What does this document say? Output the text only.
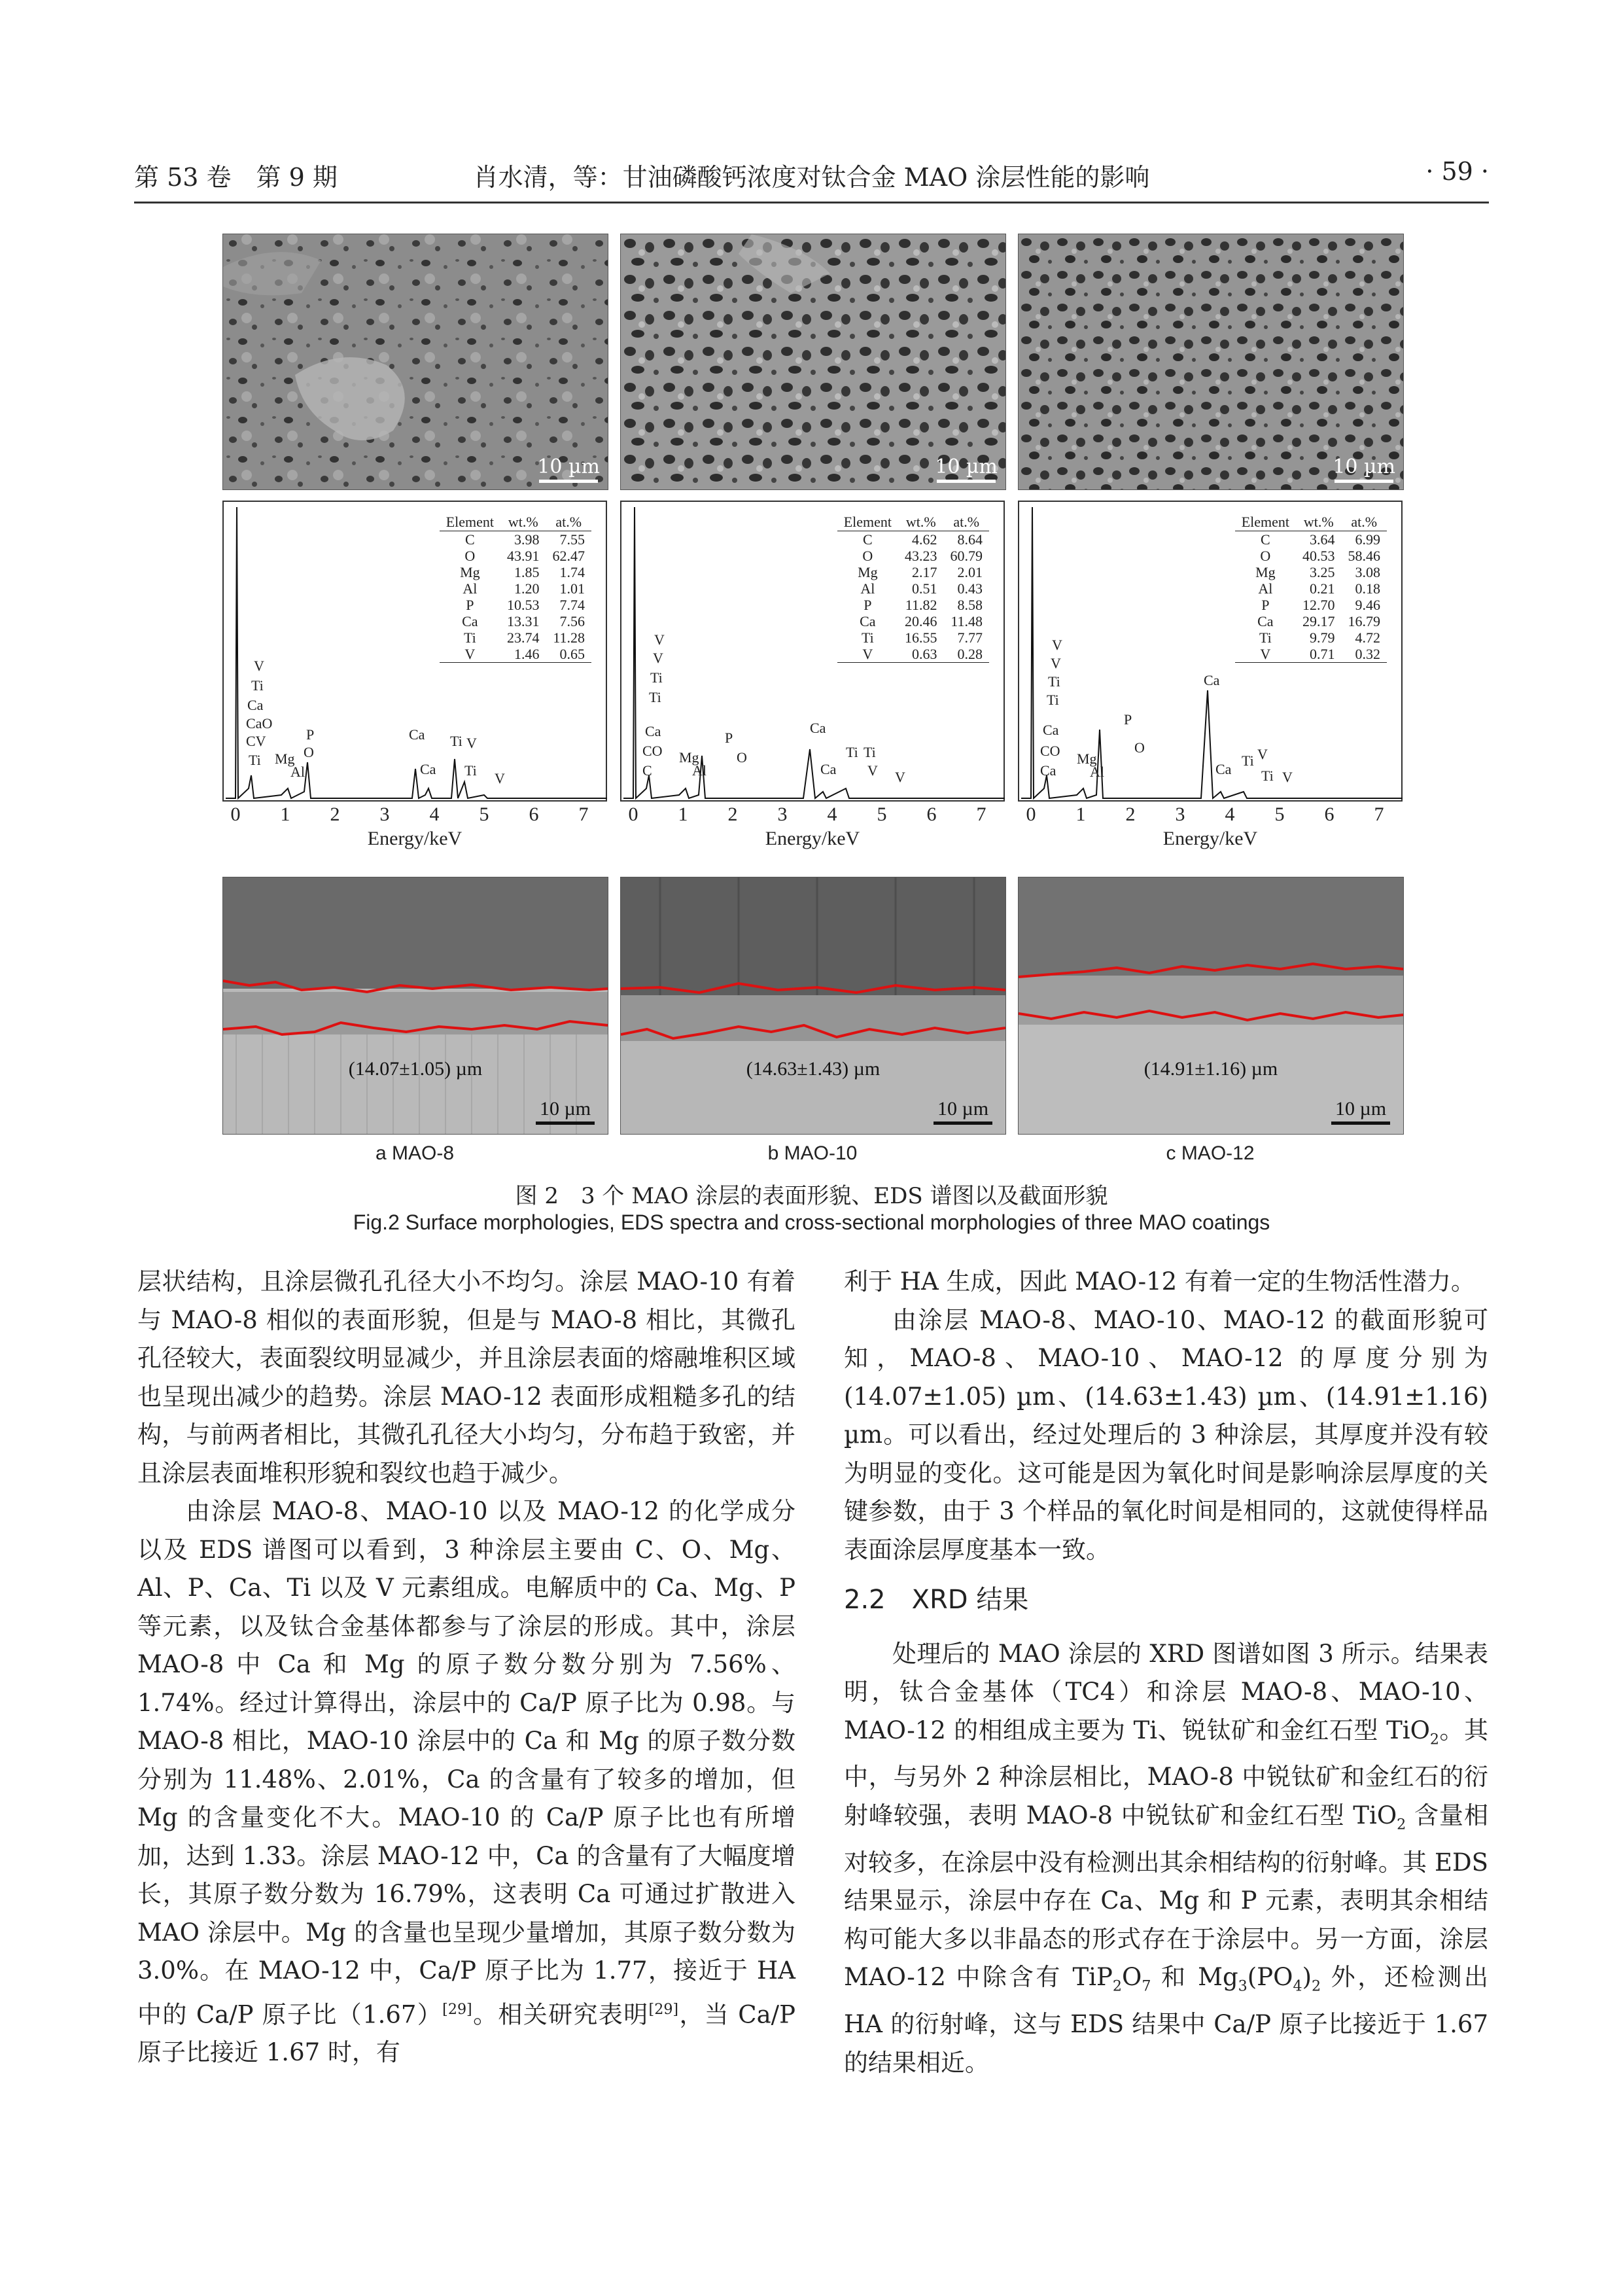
第 53 卷　第 9 期	肖水清，等：甘油磷酸钙浓度对钛合金 MAO 涂层性能的影响	· 59 ·
10 µm	10 µm	10 µm
Element	wt.%	at.%
C	3.98	7.55
O	43.91	62.47
Mg	1.85	1.74
Al	1.20	1.01
P	10.53	7.74
Ca	13.31	7.56
Ti	23.74	11.28
V	1.46	0.65
V
Ti
Ca
CaO
CV
Ti Mg
Al
P
O
Ca
Ca
Ti V
Ti V
Element	wt.%	at.%
C	4.62	8.64
O	43.23	60.79
Mg	2.17	2.01
Al	0.51	0.43
P	11.82	8.58
Ca	20.46	11.48
Ti	16.55	7.77
V	0.63	0.28
V
V
Ti
Ti
Ca
CO
C
Mg
Al
P
O
Ca
Ca
Ti Ti
V V
Element	wt.%	at.%
C	3.64	6.99
O	40.53	58.46
Mg	3.25	3.08
Al	0.21	0.18
P	12.70	9.46
Ca	29.17	16.79
Ti	9.79	4.72
V	0.71	0.32
V
V
Ti
Ti
Ca
CO
Ca
Mg
Al
P
O
Ca
Ca
Ti V
Ti V
0 1 2 3 4 5 6 7
Energy/keV
0 1 2 3 4 5 6 7
Energy/keV
0 1 2 3 4 5 6 7
Energy/keV
(14.07±1.05) µm
10 µm
(14.63±1.43) µm
10 µm
(14.91±1.16) µm
10 µm
a MAO-8	b MAO-10	c MAO-12
图 2　3 个 MAO 涂层的表面形貌、EDS 谱图以及截面形貌
Fig.2 Surface morphologies, EDS spectra and cross-sectional morphologies of three MAO coatings

层状结构，且涂层微孔孔径大小不均匀。涂层 MAO-10 有着与 MAO-8 相似的表面形貌，但是与 MAO-8 相比，其微孔孔径较大，表面裂纹明显减少，并且涂层表面的熔融堆积区域也呈现出减少的趋势。涂层 MAO-12 表面形成粗糙多孔的结构，与前两者相比，其微孔孔径大小均匀，分布趋于致密，并且涂层表面堆积形貌和裂纹也趋于减少。

由涂层 MAO-8、MAO-10 以及 MAO-12 的化学成分以及 EDS 谱图可以看到，3 种涂层主要由 C、O、Mg、Al、P、Ca、Ti 以及 V 元素组成。电解质中的 Ca、Mg、P 等元素，以及钛合金基体都参与了涂层的形成。其中，涂层 MAO-8 中 Ca 和 Mg 的原子数分数分别为 7.56%、1.74%。经过计算得出，涂层中的 Ca/P 原子比为 0.98。与 MAO-8 相比，MAO-10 涂层中的 Ca 和 Mg 的原子数分数分别为 11.48%、2.01%，Ca 的含量有了较多的增加，但 Mg 的含量变化不大。MAO-10 的 Ca/P 原子比也有所增加，达到 1.33。涂层 MAO-12 中，Ca 的含量有了大幅度增长，其原子数分数为 16.79%，这表明 Ca 可通过扩散进入 MAO 涂层中。Mg 的含量也呈现少量增加，其原子数分数为 3.0%。在 MAO-12 中，Ca/P 原子比为 1.77，接近于 HA 中的 Ca/P 原子比（1.67）[29]。相关研究表明[29]，当 Ca/P 原子比接近 1.67 时，有

利于 HA 生成，因此 MAO-12 有着一定的生物活性潜力。

由涂层 MAO-8、MAO-10、MAO-12 的截面形貌可知，MAO-8、MAO-10、MAO-12 的厚度分别为 (14.07±1.05) µm、(14.63±1.43) µm、(14.91±1.16) µm。可以看出，经过处理后的 3 种涂层，其厚度并没有较为明显的变化。这可能是因为氧化时间是影响涂层厚度的关键参数，由于 3 个样品的氧化时间是相同的，这就使得样品表面涂层厚度基本一致。

2.2　XRD 结果

处理后的 MAO 涂层的 XRD 图谱如图 3 所示。结果表明，钛合金基体（TC4）和涂层 MAO-8、MAO-10、MAO-12 的相组成主要为 Ti、锐钛矿和金红石型 TiO$_2$。其中，与另外 2 种涂层相比，MAO-8 中锐钛矿和金红石的衍射峰较强，表明 MAO-8 中锐钛矿和金红石型 TiO$_2$ 含量相对较多，在涂层中没有检测出其余相结构的衍射峰。其 EDS 结果显示，涂层中存在 Ca、Mg 和 P 元素，表明其余相结构可能大多以非晶态的形式存在于涂层中。另一方面，涂层 MAO-12 中除含有 $TiP_2O_7$ 和 $Mg_3(PO_4)_2$ 外，还检测出 HA 的衍射峰，这与 EDS 结果中 Ca/P 原子比接近于 1.67 的结果相近。
